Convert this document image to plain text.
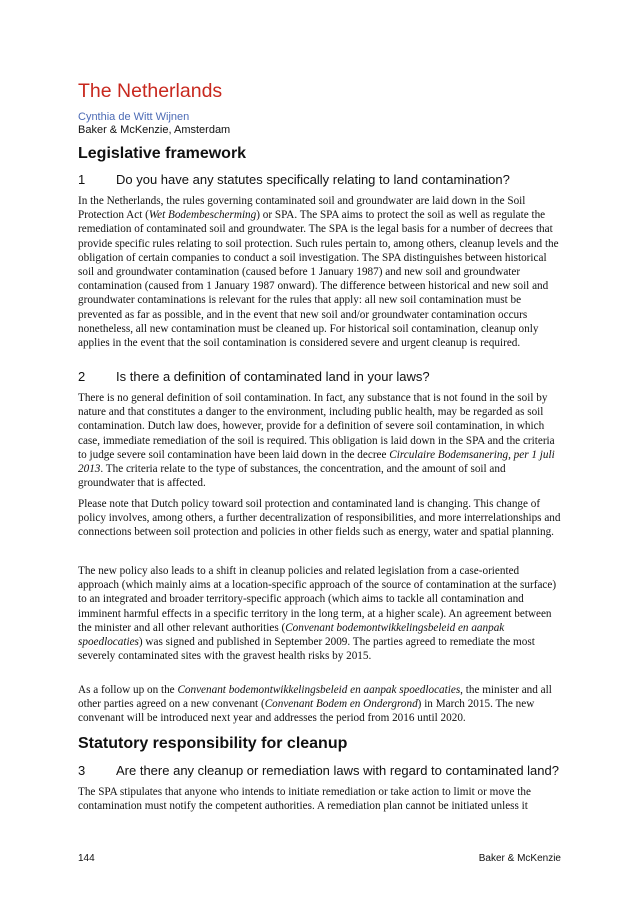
The Netherlands
Cynthia de Witt Wijnen
Baker & McKenzie, Amsterdam
Legislative framework
1 Do you have any statutes specifically relating to land contamination?

In the Netherlands, the rules governing contaminated soil and groundwater are laid down in the Soil Protection Act (Wet Bodembescherming) or SPA. The SPA aims to protect the soil as well as regulate the remediation of contaminated soil and groundwater. The SPA is the legal basis for a number of decrees that provide specific rules relating to soil protection. Such rules pertain to, among others, cleanup levels and the obligation of certain companies to conduct a soil investigation. The SPA distinguishes between historical soil and groundwater contamination (caused before 1 January 1987) and new soil and groundwater contamination (caused from 1 January 1987 onward). The difference between historical and new soil and groundwater contaminations is relevant for the rules that apply: all new soil contamination must be prevented as far as possible, and in the event that new soil and/or groundwater contamination occurs nonetheless, all new contamination must be cleaned up. For historical soil contamination, cleanup only applies in the event that the soil contamination is considered severe and urgent cleanup is required.

2 Is there a definition of contaminated land in your laws?

There is no general definition of soil contamination. In fact, any substance that is not found in the soil by nature and that constitutes a danger to the environment, including public health, may be regarded as soil contamination. Dutch law does, however, provide for a definition of severe soil contamination, in which case, immediate remediation of the soil is required. This obligation is laid down in the SPA and the criteria to judge severe soil contamination have been laid down in the decree Circulaire Bodemsanering, per 1 juli 2013. The criteria relate to the type of substances, the concentration, and the amount of soil and groundwater that is affected.

Please note that Dutch policy toward soil protection and contaminated land is changing. This change of policy involves, among others, a further decentralization of responsibilities, and more interrelationships and connections between soil protection and policies in other fields such as energy, water and spatial planning.

The new policy also leads to a shift in cleanup policies and related legislation from a case-oriented approach (which mainly aims at a location-specific approach of the source of contamination at the surface) to an integrated and broader territory-specific approach (which aims to tackle all contamination and imminent harmful effects in a specific territory in the long term, at a higher scale). An agreement between the minister and all other relevant authorities (Convenant bodemontwikkelingsbeleid en aanpak spoedlocaties) was signed and published in September 2009. The parties agreed to remediate the most severely contaminated sites with the gravest health risks by 2015.

As a follow up on the Convenant bodemontwikkelingsbeleid en aanpak spoedlocaties, the minister and all other parties agreed on a new convenant (Convenant Bodem en Ondergrond) in March 2015. The new convenant will be introduced next year and addresses the period from 2016 until 2020.

Statutory responsibility for cleanup
3 Are there any cleanup or remediation laws with regard to contaminated land?

The SPA stipulates that anyone who intends to initiate remediation or take action to limit or move the contamination must notify the competent authorities. A remediation plan cannot be initiated unless it

144	Baker & McKenzie
